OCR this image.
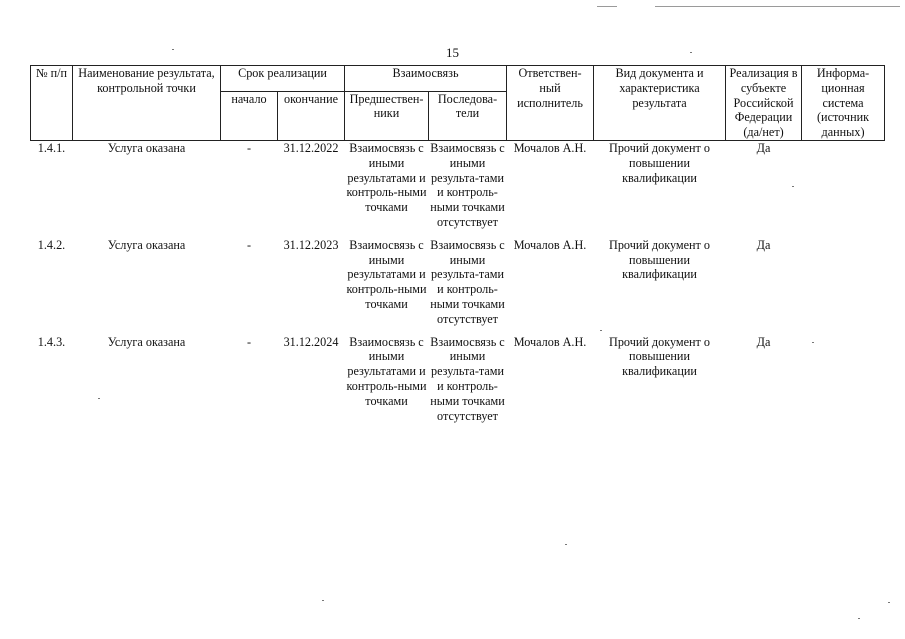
15
№ п/п	Наименование результата, контрольной точки	Срок реализации		Взаимосвязь		Ответствен-ный исполнитель	Вид документа и характеристика результата	Реализация в субъекте Российской Федерации (да/нет)	Информа-ционная система (источник данных)
		начало	окончание	Предшествен-ники	Последова-тели				
1.4.1.	Услуга оказана	-	31.12.2022	Взаимосвязь с иными результатами и контроль-ными точками	Взаимосвязь с иными результа-тами и контроль-ными точками отсутствует	Мочалов А.Н.	Прочий документ о повышении квалификации	Да	

1.4.2.	Услуга оказана	-	31.12.2023	Взаимосвязь с иными результатами и контроль-ными точками	Взаимосвязь с иными результа-тами и контроль-ными точками отсутствует	Мочалов А.Н.	Прочий документ о повышении квалификации	Да	

1.4.3.	Услуга оказана	-	31.12.2024	Взаимосвязь с иными результатами и контроль-ными точками	Взаимосвязь с иными результа-тами и контроль-ными точками отсутствует	Мочалов А.Н.	Прочий документ о повышении квалификации	Да	
